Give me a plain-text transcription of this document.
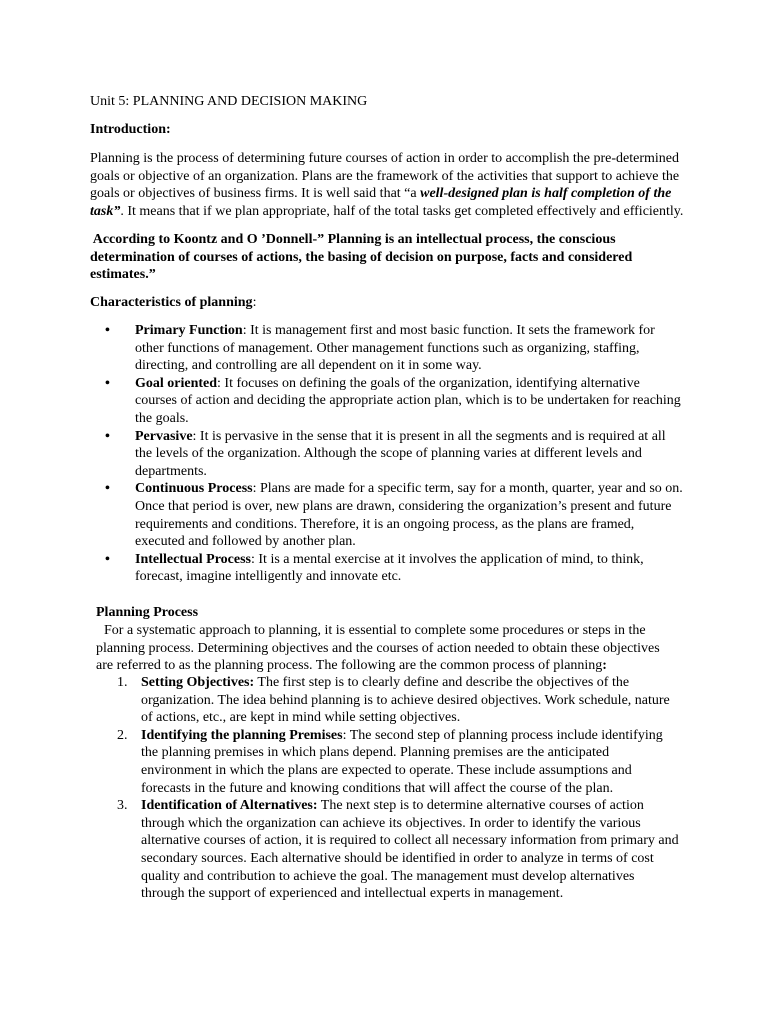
Unit 5: PLANNING AND DECISION MAKING
Introduction:
Planning is the process of determining future courses of action in order to accomplish the pre-determined goals or objective of an organization. Plans are the framework of the activities that support to achieve the goals or objectives of business firms. It is well said that “a well-designed plan is half completion of the task”. It means that if we plan appropriate, half of the total tasks get completed effectively and efficiently.
According to Koontz and O ’Donnell-” Planning is an intellectual process, the conscious determination of courses of actions, the basing of decision on purpose, facts and considered estimates.”
Characteristics of planning:
• Primary Function: It is management first and most basic function. It sets the framework for other functions of management. Other management functions such as organizing, staffing, directing, and controlling are all dependent on it in some way.
• Goal oriented: It focuses on defining the goals of the organization, identifying alternative courses of action and deciding the appropriate action plan, which is to be undertaken for reaching the goals.
• Pervasive: It is pervasive in the sense that it is present in all the segments and is required at all the levels of the organization. Although the scope of planning varies at different levels and departments.
• Continuous Process: Plans are made for a specific term, say for a month, quarter, year and so on. Once that period is over, new plans are drawn, considering the organization’s present and future requirements and conditions. Therefore, it is an ongoing process, as the plans are framed, executed and followed by another plan.
• Intellectual Process: It is a mental exercise at it involves the application of mind, to think, forecast, imagine intelligently and innovate etc.
Planning Process
For a systematic approach to planning, it is essential to complete some procedures or steps in the planning process. Determining objectives and the courses of action needed to obtain these objectives are referred to as the planning process. The following are the common process of planning:
1. Setting Objectives: The first step is to clearly define and describe the objectives of the organization. The idea behind planning is to achieve desired objectives. Work schedule, nature of actions, etc., are kept in mind while setting objectives.
2. Identifying the planning Premises: The second step of planning process include identifying the planning premises in which plans depend. Planning premises are the anticipated environment in which the plans are expected to operate. These include assumptions and forecasts in the future and knowing conditions that will affect the course of the plan.
3. Identification of Alternatives: The next step is to determine alternative courses of action through which the organization can achieve its objectives. In order to identify the various alternative courses of action, it is required to collect all necessary information from primary and secondary sources. Each alternative should be identified in order to analyze in terms of cost quality and contribution to achieve the goal. The management must develop alternatives through the support of experienced and intellectual experts in management.
